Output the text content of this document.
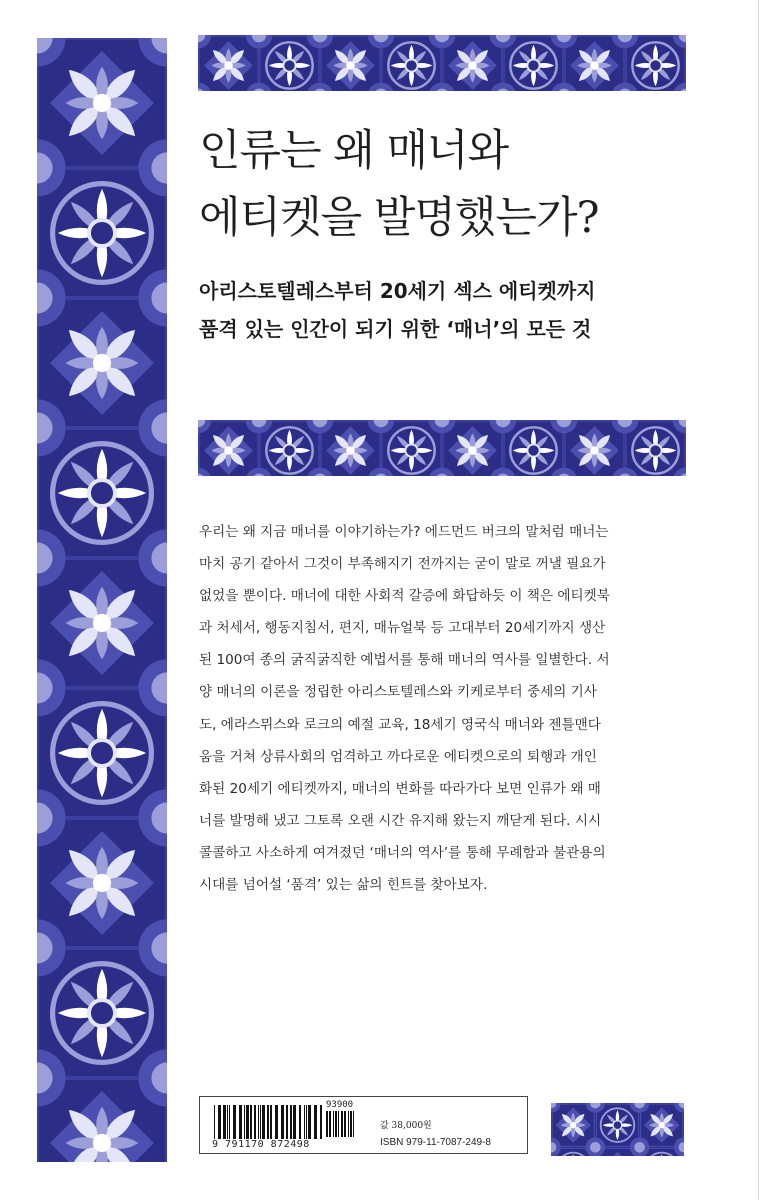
인류는 왜 매너와
에티켓을 발명했는가?
아리스토텔레스부터 20세기 섹스 에티켓까지
품격 있는 인간이 되기 위한 ‘매너’의 모든 것
우리는 왜 지금 매너를 이야기하는가? 에드먼드 버크의 말처럼 매너는
마치 공기 같아서 그것이 부족해지기 전까지는 굳이 말로 꺼낼 필요가
없었을 뿐이다. 매너에 대한 사회적 갈증에 화답하듯 이 책은 에티켓북
과 처세서, 행동지침서, 편지, 매뉴얼북 등 고대부터 20세기까지 생산
된 100여 종의 굵직굵직한 예법서를 통해 매너의 역사를 일별한다. 서
양 매너의 이론을 정립한 아리스토텔레스와 키케로부터 중세의 기사
도, 에라스뮈스와 로크의 예절 교육, 18세기 영국식 매너와 젠틀맨다
움을 거쳐 상류사회의 엄격하고 까다로운 에티켓으로의 퇴행과 개인
화된 20세기 에티켓까지, 매너의 변화를 따라가다 보면 인류가 왜 매
너를 발명해 냈고 그토록 오랜 시간 유지해 왔는지 깨닫게 된다. 시시
콜콜하고 사소하게 여겨졌던 ‘매너의 역사’를 통해 무례함과 불관용의
시대를 넘어설 ‘품격’ 있는 삶의 힌트를 찾아보자.
9 791170 872498
93900
값 38,000원
ISBN 979-11-7087-249-8
